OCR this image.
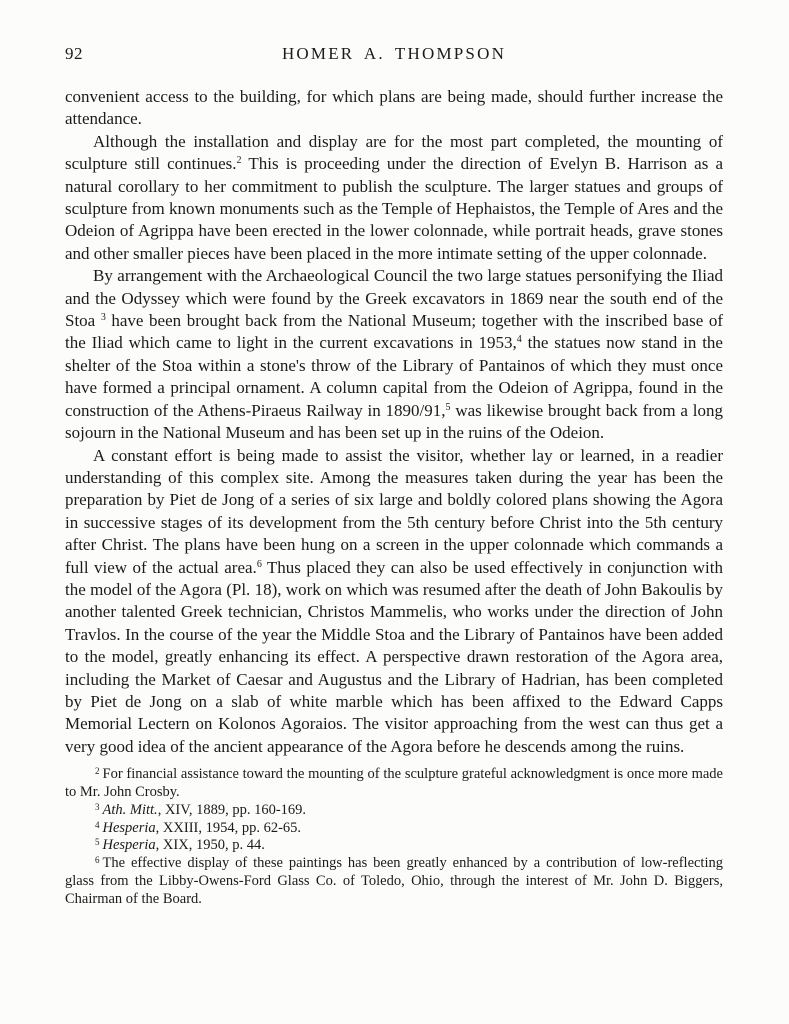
92	HOMER A. THOMPSON

convenient access to the building, for which plans are being made, should further increase the attendance.

Although the installation and display are for the most part completed, the mounting of sculpture still continues.$^2$ This is proceeding under the direction of Evelyn B. Harrison as a natural corollary to her commitment to publish the sculpture. The larger statues and groups of sculpture from known monuments such as the Temple of Hephaistos, the Temple of Ares and the Odeion of Agrippa have been erected in the lower colonnade, while portrait heads, grave stones and other smaller pieces have been placed in the more intimate setting of the upper colonnade.

By arrangement with the Archaeological Council the two large statues personifying the Iliad and the Odyssey which were found by the Greek excavators in 1869 near the south end of the Stoa $^3$ have been brought back from the National Museum; together with the inscribed base of the Iliad which came to light in the current excavations in 1953,$^4$ the statues now stand in the shelter of the Stoa within a stone's throw of the Library of Pantainos of which they must once have formed a principal ornament. A column capital from the Odeion of Agrippa, found in the construction of the Athens-Piraeus Railway in 1890/91,$^5$ was likewise brought back from a long sojourn in the National Museum and has been set up in the ruins of the Odeion.

A constant effort is being made to assist the visitor, whether lay or learned, in a readier understanding of this complex site. Among the measures taken during the year has been the preparation by Piet de Jong of a series of six large and boldly colored plans showing the Agora in successive stages of its development from the 5th century before Christ into the 5th century after Christ. The plans have been hung on a screen in the upper colonnade which commands a full view of the actual area.$^6$ Thus placed they can also be used effectively in conjunction with the model of the Agora (Pl. 18), work on which was resumed after the death of John Bakoulis by another talented Greek technician, Christos Mammelis, who works under the direction of John Travlos. In the course of the year the Middle Stoa and the Library of Pantainos have been added to the model, greatly enhancing its effect. A perspective drawn restoration of the Agora area, including the Market of Caesar and Augustus and the Library of Hadrian, has been completed by Piet de Jong on a slab of white marble which has been affixed to the Edward Capps Memorial Lectern on Kolonos Agoraios. The visitor approaching from the west can thus get a very good idea of the ancient appearance of the Agora before he descends among the ruins.

$^2$ For financial assistance toward the mounting of the sculpture grateful acknowledgment is once more made to Mr. John Crosby.

$^3$ Ath. Mitt., XIV, 1889, pp. 160-169.

$^4$ Hesperia, XXIII, 1954, pp. 62-65.

$^5$ Hesperia, XIX, 1950, p. 44.

$^6$ The effective display of these paintings has been greatly enhanced by a contribution of low-reflecting glass from the Libby-Owens-Ford Glass Co. of Toledo, Ohio, through the interest of Mr. John D. Biggers, Chairman of the Board.
